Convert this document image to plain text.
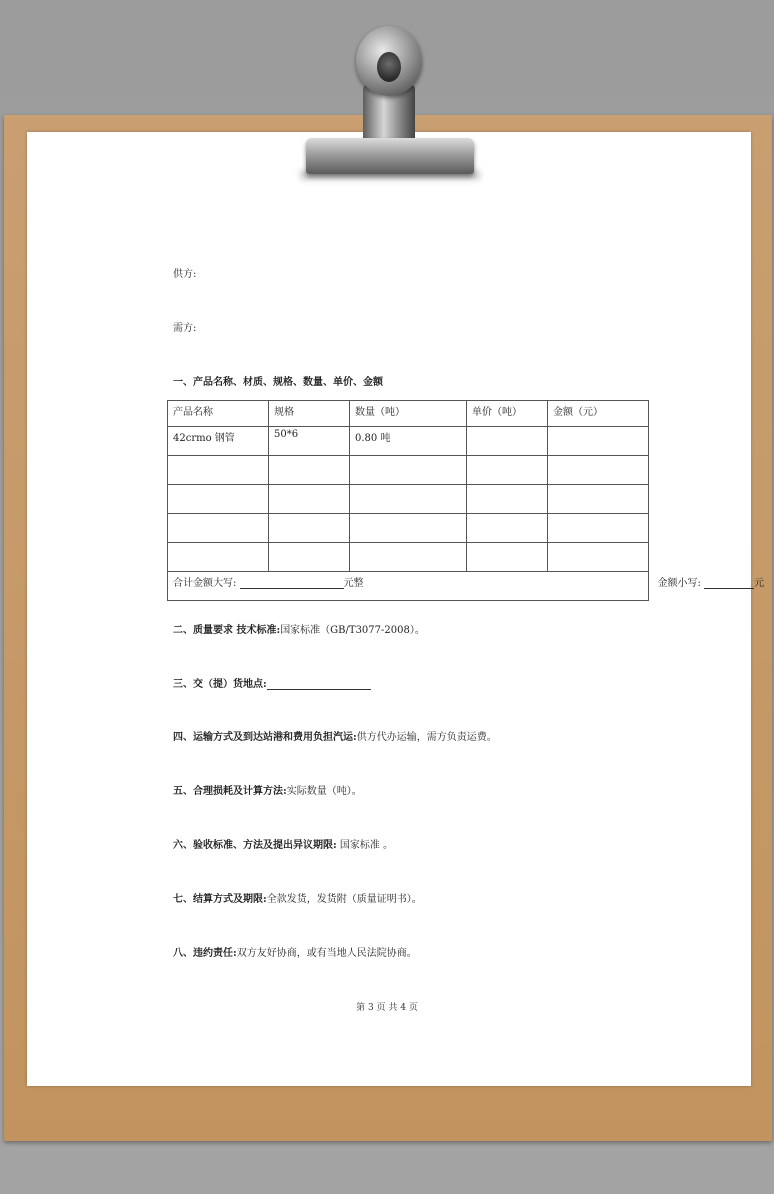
供方:
需方:
一、产品名称、材质、规格、数量、单价、金额
产品名称	规格	数量（吨）	单价（吨）	金额（元）
42crmo 钢管	50*6	0.80 吨		

合计金额大写: 元整 金额小写: 元				
二、质量要求 技术标准:国家标准（GB/T3077-2008）。
三、交（提）货地点:
四、运输方式及到达站港和费用负担汽运:供方代办运输，需方负责运费。
五、合理损耗及计算方法:实际数量（吨）。
六、验收标准、方法及提出异议期限: 国家标准 。
七、结算方式及期限:全款发货，发货附（质量证明书）。
八、违约责任:双方友好协商，或有当地人民法院协商。
第 3 页 共 4 页
